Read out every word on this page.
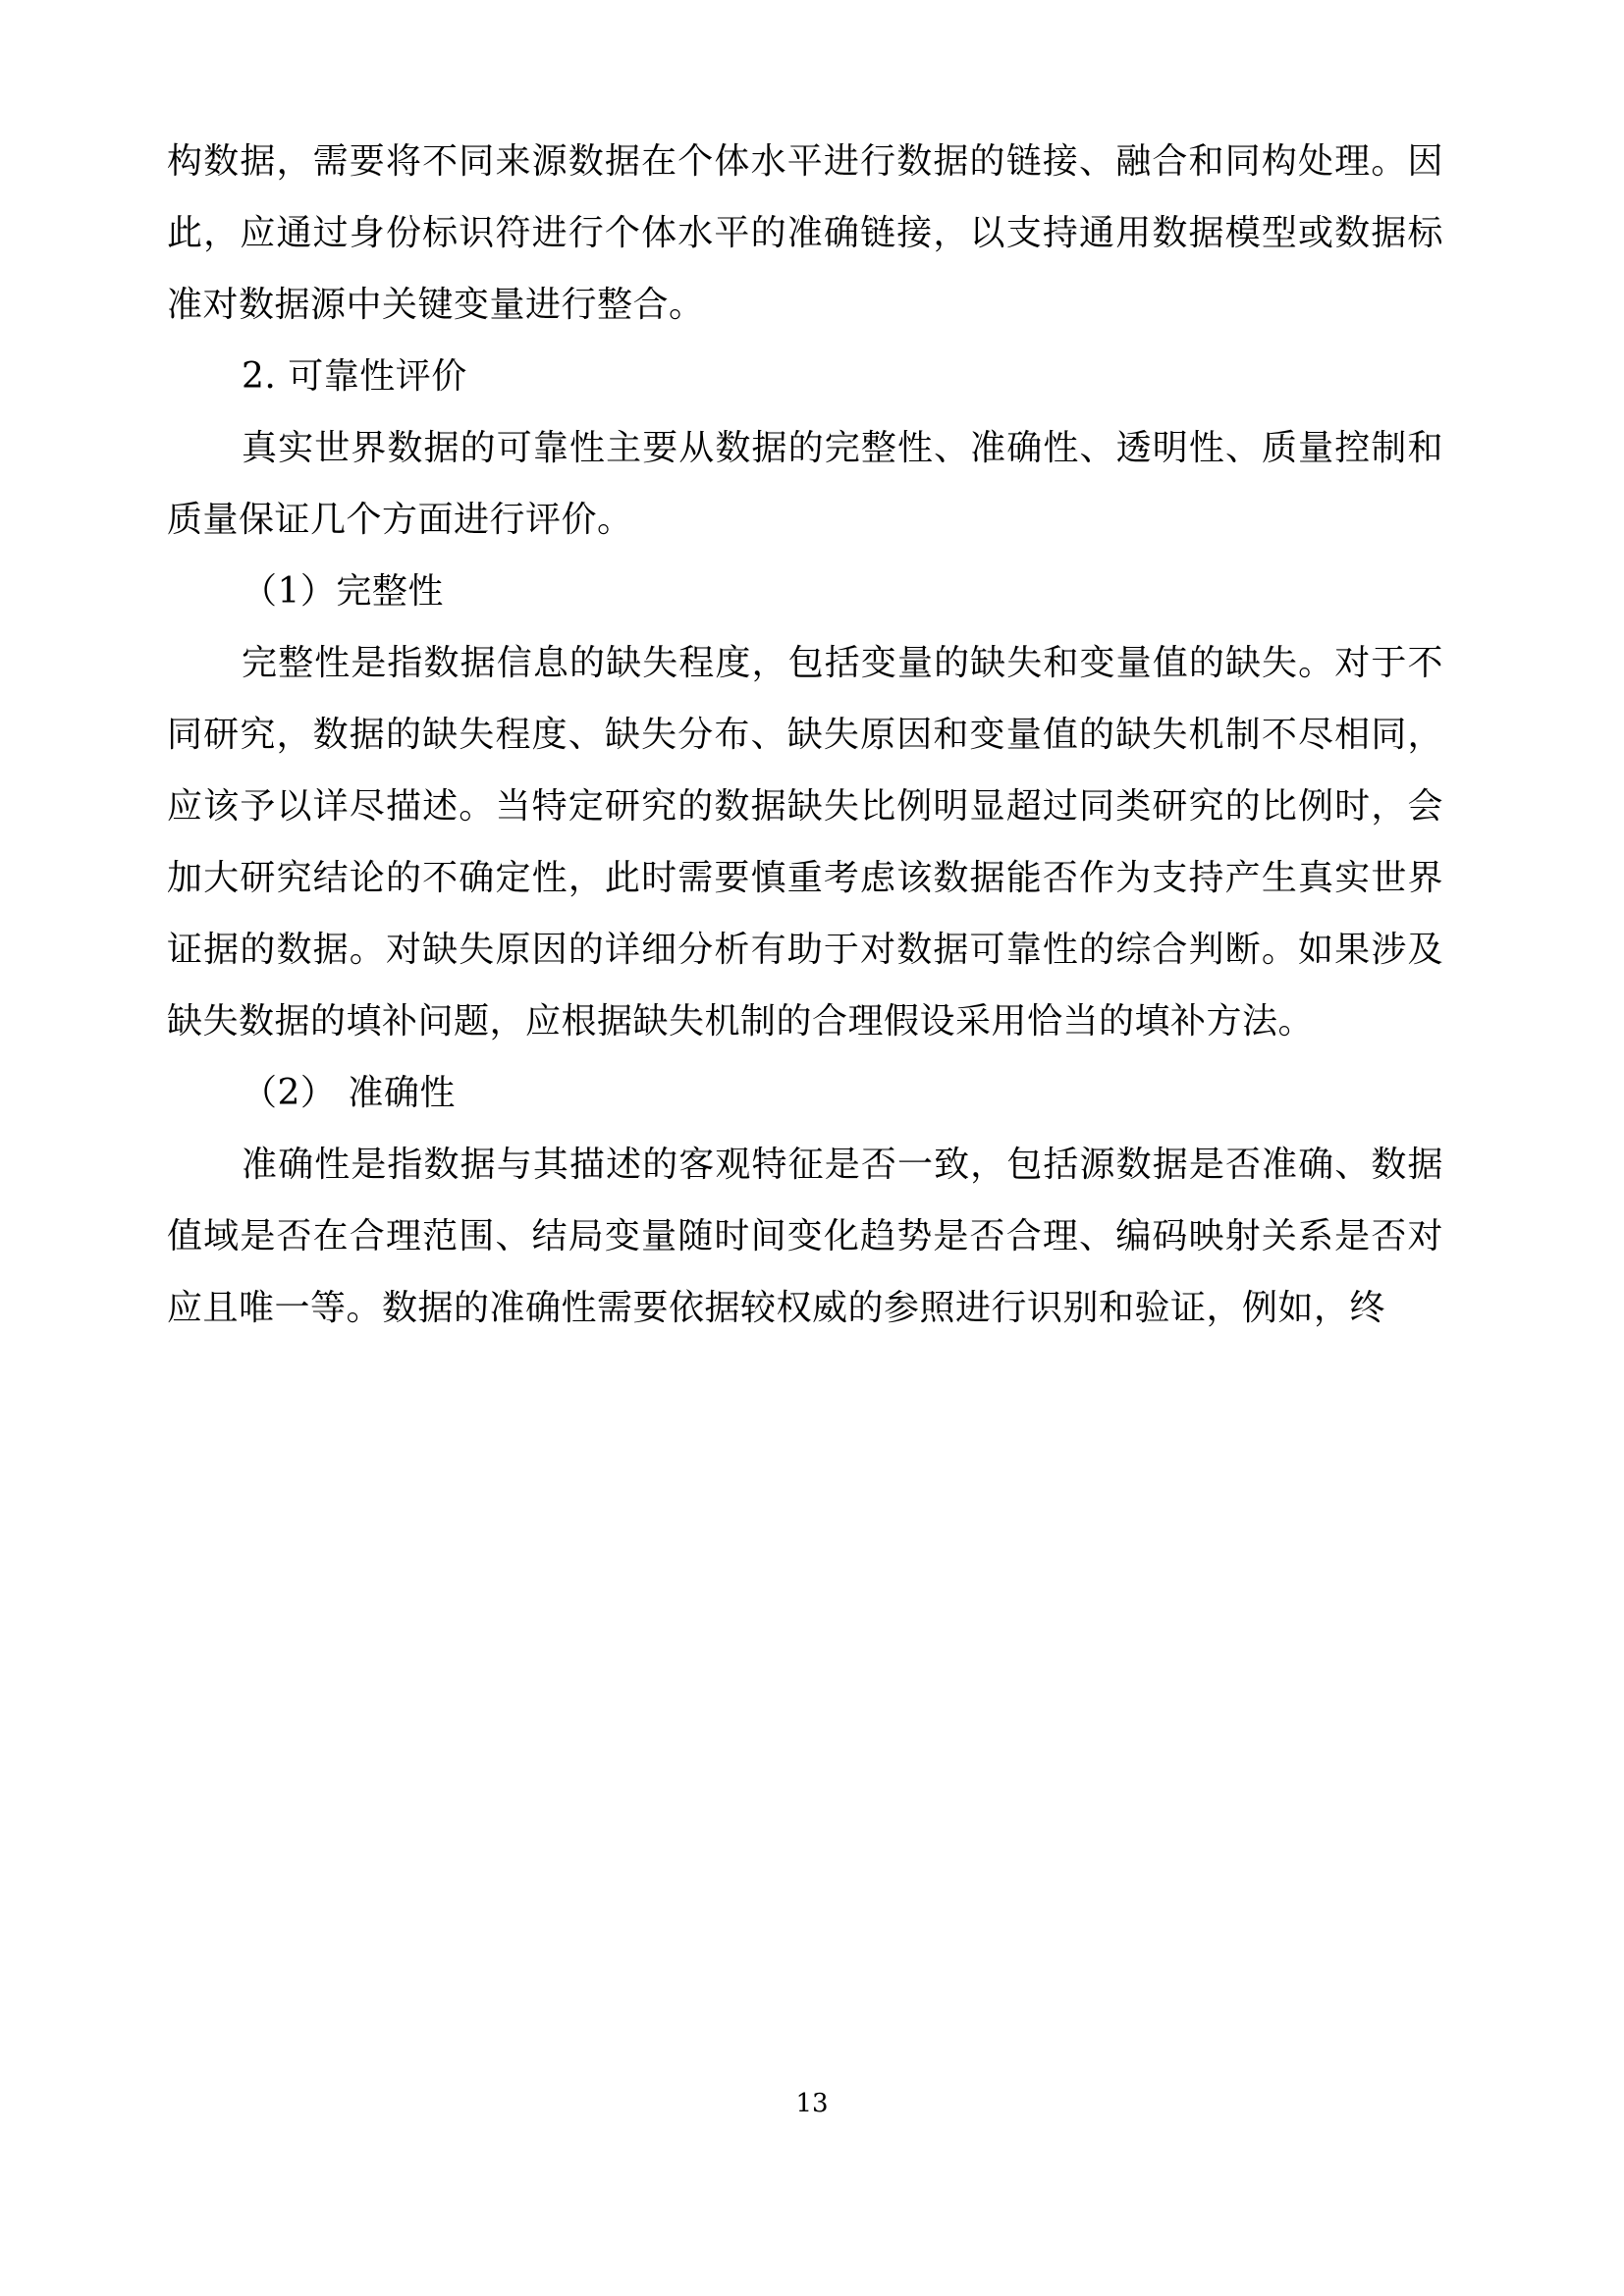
构数据，需要将不同来源数据在个体水平进行数据的链接、融合和同构处理。因此，应通过身份标识符进行个体水平的准确链接，以支持通用数据模型或数据标准对数据源中关键变量进行整合。

2. 可靠性评价

真实世界数据的可靠性主要从数据的完整性、准确性、透明性、质量控制和质量保证几个方面进行评价。

（1）完整性

完整性是指数据信息的缺失程度，包括变量的缺失和变量值的缺失。对于不同研究，数据的缺失程度、缺失分布、缺失原因和变量值的缺失机制不尽相同，应该予以详尽描述。当特定研究的数据缺失比例明显超过同类研究的比例时，会加大研究结论的不确定性，此时需要慎重考虑该数据能否作为支持产生真实世界证据的数据。对缺失原因的详细分析有助于对数据可靠性的综合判断。如果涉及缺失数据的填补问题，应根据缺失机制的合理假设采用恰当的填补方法。

（2） 准确性

准确性是指数据与其描述的客观特征是否一致，包括源数据是否准确、数据值域是否在合理范围、结局变量随时间变化趋势是否合理、编码映射关系是否对应且唯一等。数据的准确性需要依据较权威的参照进行识别和验证，例如，终

13
